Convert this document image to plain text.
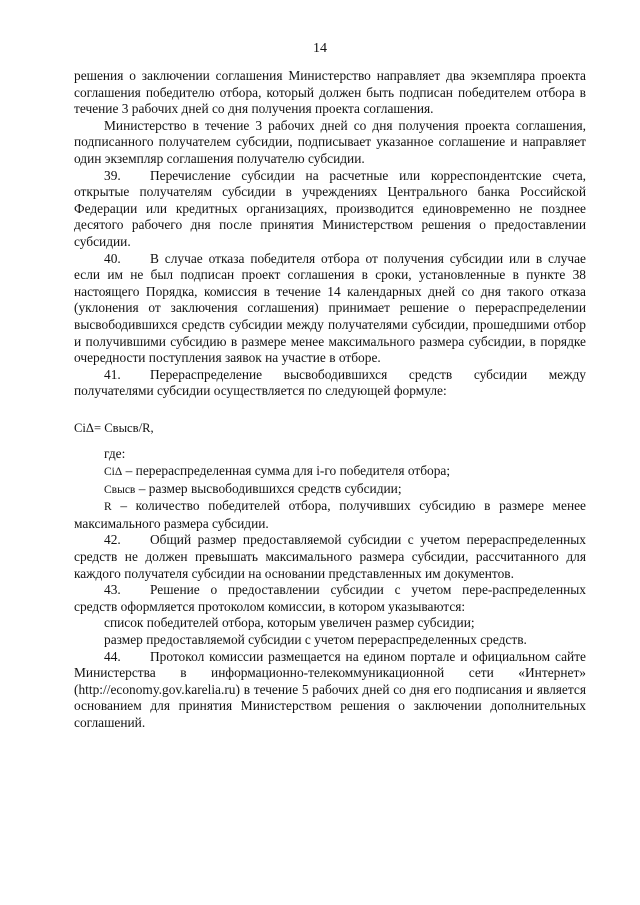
14

решения о заключении соглашения Министерство направляет два экземпляра проекта соглашения победителю отбора, который должен быть подписан победителем отбора в течение 3 рабочих дней со дня получения проекта соглашения.

Министерство в течение 3 рабочих дней со дня получения проекта соглашения, подписанного получателем субсидии, подписывает указанное соглашение и направляет один экземпляр соглашения получателю субсидии.

39. Перечисление субсидии на расчетные или корреспондентские счета, открытые получателям субсидии в учреждениях Центрального банка Российской Федерации или кредитных организациях, производится единовременно не позднее десятого рабочего дня после принятия Министерством решения о предоставлении субсидии.

40. В случае отказа победителя отбора от получения субсидии или в случае если им не был подписан проект соглашения в сроки, установленные в пункте 38 настоящего Порядка, комиссия в течение 14 календарных дней со дня такого отказа (уклонения от заключения соглашения) принимает решение о перераспределении высвободившихся средств субсидии между получателями субсидии, прошедшими отбор и получившими субсидию в размере менее максимального размера субсидии, в порядке очередности поступления заявок на участие в отборе.

41. Перераспределение высвободившихся средств субсидии между получателями субсидии осуществляется по следующей формуле:

CiΔ= Cвысв/R,

где:

CiΔ – перераспределенная сумма для i-го победителя отбора;

Cвысв – размер высвободившихся средств субсидии;

R – количество победителей отбора, получивших субсидию в размере менее максимального размера субсидии.

42. Общий размер предоставляемой субсидии с учетом перераспределенных средств не должен превышать максимального размера субсидии, рассчитанного для каждого получателя субсидии на основании представленных им документов.

43. Решение о предоставлении субсидии с учетом пере-распределенных средств оформляется протоколом комиссии, в котором указываются:

список победителей отбора, которым увеличен размер субсидии;

размер предоставляемой субсидии с учетом перераспределенных средств.

44. Протокол комиссии размещается на едином портале и официальном сайте Министерства в информационно-телекоммуникационной сети «Интернет» (http://economy.gov.karelia.ru) в течение 5 рабочих дней со дня его подписания и является основанием для принятия Министерством решения о заключении дополнительных соглашений.
